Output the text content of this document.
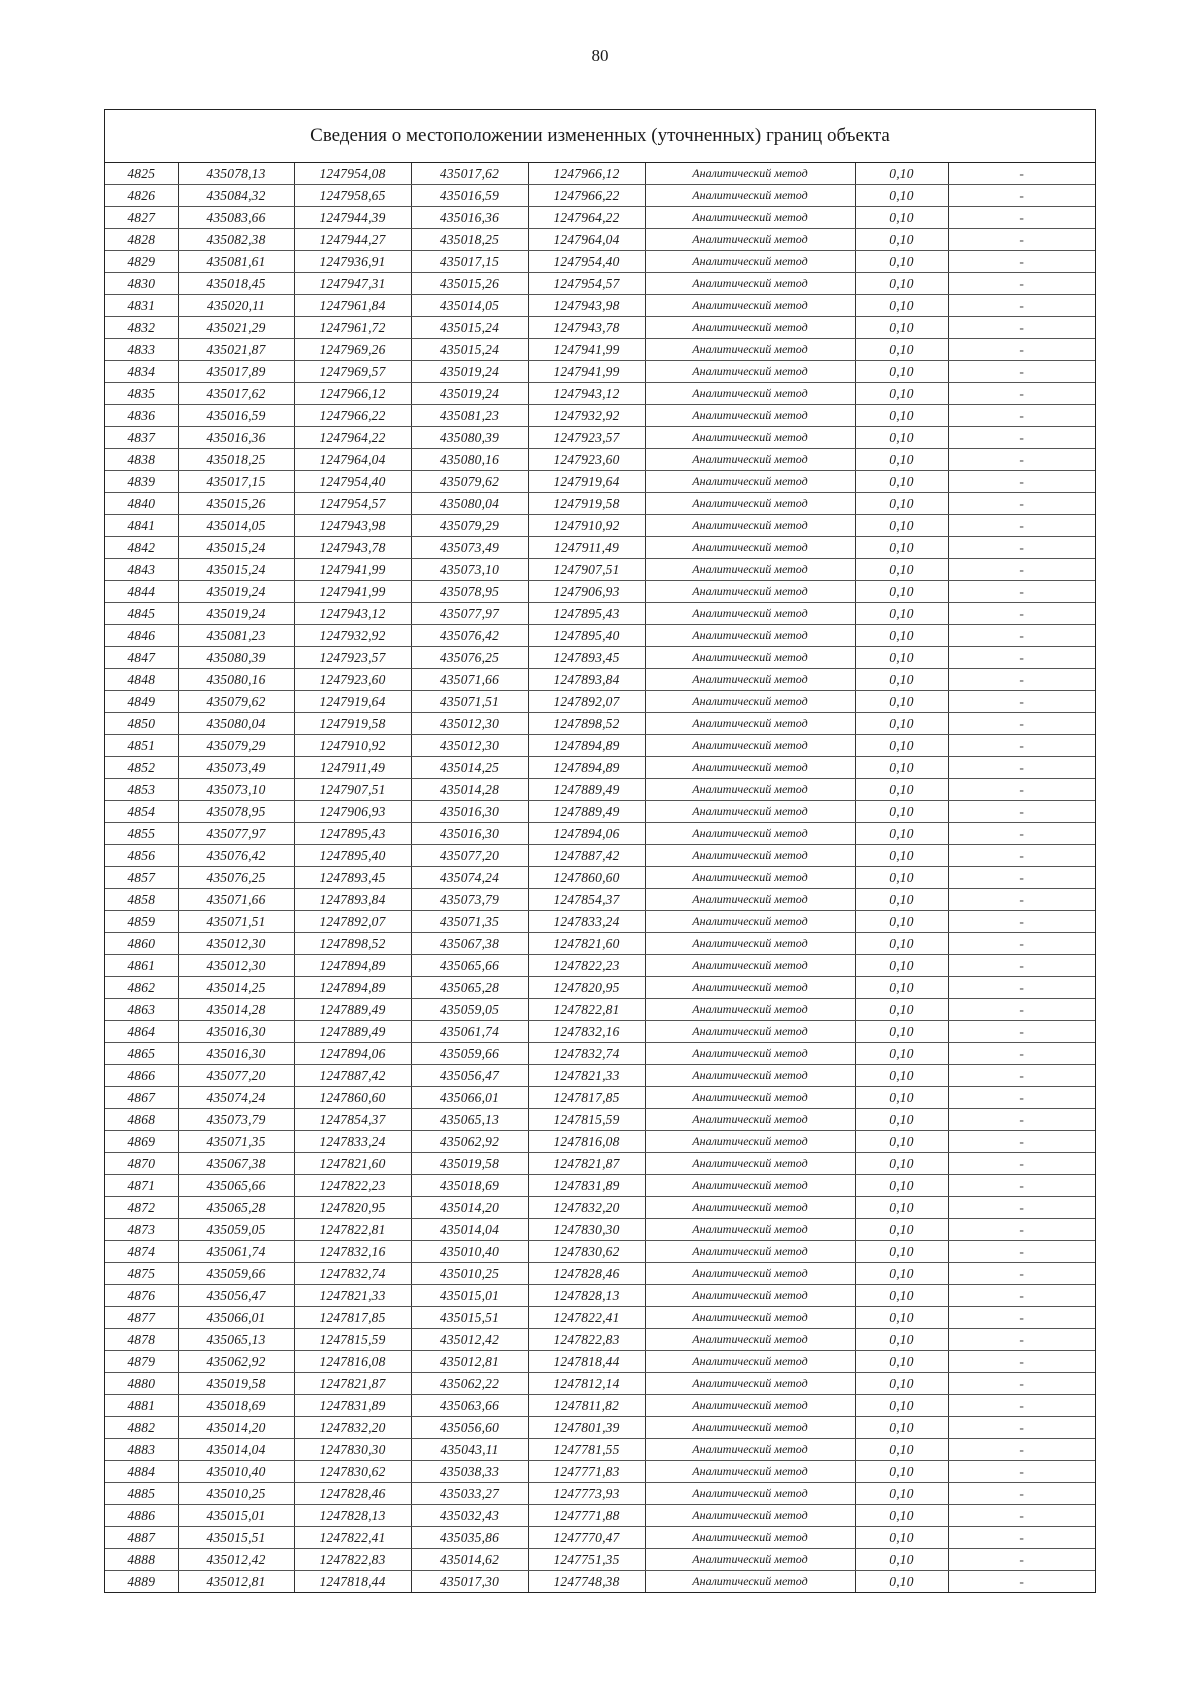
80
Сведения о местоположении измененных (уточненных) границ объекта
4825	435078,13	1247954,08	435017,62	1247966,12	Аналитический метод	0,10	-
4826	435084,32	1247958,65	435016,59	1247966,22	Аналитический метод	0,10	-
4827	435083,66	1247944,39	435016,36	1247964,22	Аналитический метод	0,10	-
4828	435082,38	1247944,27	435018,25	1247964,04	Аналитический метод	0,10	-
4829	435081,61	1247936,91	435017,15	1247954,40	Аналитический метод	0,10	-
4830	435018,45	1247947,31	435015,26	1247954,57	Аналитический метод	0,10	-
4831	435020,11	1247961,84	435014,05	1247943,98	Аналитический метод	0,10	-
4832	435021,29	1247961,72	435015,24	1247943,78	Аналитический метод	0,10	-
4833	435021,87	1247969,26	435015,24	1247941,99	Аналитический метод	0,10	-
4834	435017,89	1247969,57	435019,24	1247941,99	Аналитический метод	0,10	-
4835	435017,62	1247966,12	435019,24	1247943,12	Аналитический метод	0,10	-
4836	435016,59	1247966,22	435081,23	1247932,92	Аналитический метод	0,10	-
4837	435016,36	1247964,22	435080,39	1247923,57	Аналитический метод	0,10	-
4838	435018,25	1247964,04	435080,16	1247923,60	Аналитический метод	0,10	-
4839	435017,15	1247954,40	435079,62	1247919,64	Аналитический метод	0,10	-
4840	435015,26	1247954,57	435080,04	1247919,58	Аналитический метод	0,10	-
4841	435014,05	1247943,98	435079,29	1247910,92	Аналитический метод	0,10	-
4842	435015,24	1247943,78	435073,49	1247911,49	Аналитический метод	0,10	-
4843	435015,24	1247941,99	435073,10	1247907,51	Аналитический метод	0,10	-
4844	435019,24	1247941,99	435078,95	1247906,93	Аналитический метод	0,10	-
4845	435019,24	1247943,12	435077,97	1247895,43	Аналитический метод	0,10	-
4846	435081,23	1247932,92	435076,42	1247895,40	Аналитический метод	0,10	-
4847	435080,39	1247923,57	435076,25	1247893,45	Аналитический метод	0,10	-
4848	435080,16	1247923,60	435071,66	1247893,84	Аналитический метод	0,10	-
4849	435079,62	1247919,64	435071,51	1247892,07	Аналитический метод	0,10	-
4850	435080,04	1247919,58	435012,30	1247898,52	Аналитический метод	0,10	-
4851	435079,29	1247910,92	435012,30	1247894,89	Аналитический метод	0,10	-
4852	435073,49	1247911,49	435014,25	1247894,89	Аналитический метод	0,10	-
4853	435073,10	1247907,51	435014,28	1247889,49	Аналитический метод	0,10	-
4854	435078,95	1247906,93	435016,30	1247889,49	Аналитический метод	0,10	-
4855	435077,97	1247895,43	435016,30	1247894,06	Аналитический метод	0,10	-
4856	435076,42	1247895,40	435077,20	1247887,42	Аналитический метод	0,10	-
4857	435076,25	1247893,45	435074,24	1247860,60	Аналитический метод	0,10	-
4858	435071,66	1247893,84	435073,79	1247854,37	Аналитический метод	0,10	-
4859	435071,51	1247892,07	435071,35	1247833,24	Аналитический метод	0,10	-
4860	435012,30	1247898,52	435067,38	1247821,60	Аналитический метод	0,10	-
4861	435012,30	1247894,89	435065,66	1247822,23	Аналитический метод	0,10	-
4862	435014,25	1247894,89	435065,28	1247820,95	Аналитический метод	0,10	-
4863	435014,28	1247889,49	435059,05	1247822,81	Аналитический метод	0,10	-
4864	435016,30	1247889,49	435061,74	1247832,16	Аналитический метод	0,10	-
4865	435016,30	1247894,06	435059,66	1247832,74	Аналитический метод	0,10	-
4866	435077,20	1247887,42	435056,47	1247821,33	Аналитический метод	0,10	-
4867	435074,24	1247860,60	435066,01	1247817,85	Аналитический метод	0,10	-
4868	435073,79	1247854,37	435065,13	1247815,59	Аналитический метод	0,10	-
4869	435071,35	1247833,24	435062,92	1247816,08	Аналитический метод	0,10	-
4870	435067,38	1247821,60	435019,58	1247821,87	Аналитический метод	0,10	-
4871	435065,66	1247822,23	435018,69	1247831,89	Аналитический метод	0,10	-
4872	435065,28	1247820,95	435014,20	1247832,20	Аналитический метод	0,10	-
4873	435059,05	1247822,81	435014,04	1247830,30	Аналитический метод	0,10	-
4874	435061,74	1247832,16	435010,40	1247830,62	Аналитический метод	0,10	-
4875	435059,66	1247832,74	435010,25	1247828,46	Аналитический метод	0,10	-
4876	435056,47	1247821,33	435015,01	1247828,13	Аналитический метод	0,10	-
4877	435066,01	1247817,85	435015,51	1247822,41	Аналитический метод	0,10	-
4878	435065,13	1247815,59	435012,42	1247822,83	Аналитический метод	0,10	-
4879	435062,92	1247816,08	435012,81	1247818,44	Аналитический метод	0,10	-
4880	435019,58	1247821,87	435062,22	1247812,14	Аналитический метод	0,10	-
4881	435018,69	1247831,89	435063,66	1247811,82	Аналитический метод	0,10	-
4882	435014,20	1247832,20	435056,60	1247801,39	Аналитический метод	0,10	-
4883	435014,04	1247830,30	435043,11	1247781,55	Аналитический метод	0,10	-
4884	435010,40	1247830,62	435038,33	1247771,83	Аналитический метод	0,10	-
4885	435010,25	1247828,46	435033,27	1247773,93	Аналитический метод	0,10	-
4886	435015,01	1247828,13	435032,43	1247771,88	Аналитический метод	0,10	-
4887	435015,51	1247822,41	435035,86	1247770,47	Аналитический метод	0,10	-
4888	435012,42	1247822,83	435014,62	1247751,35	Аналитический метод	0,10	-
4889	435012,81	1247818,44	435017,30	1247748,38	Аналитический метод	0,10	-
